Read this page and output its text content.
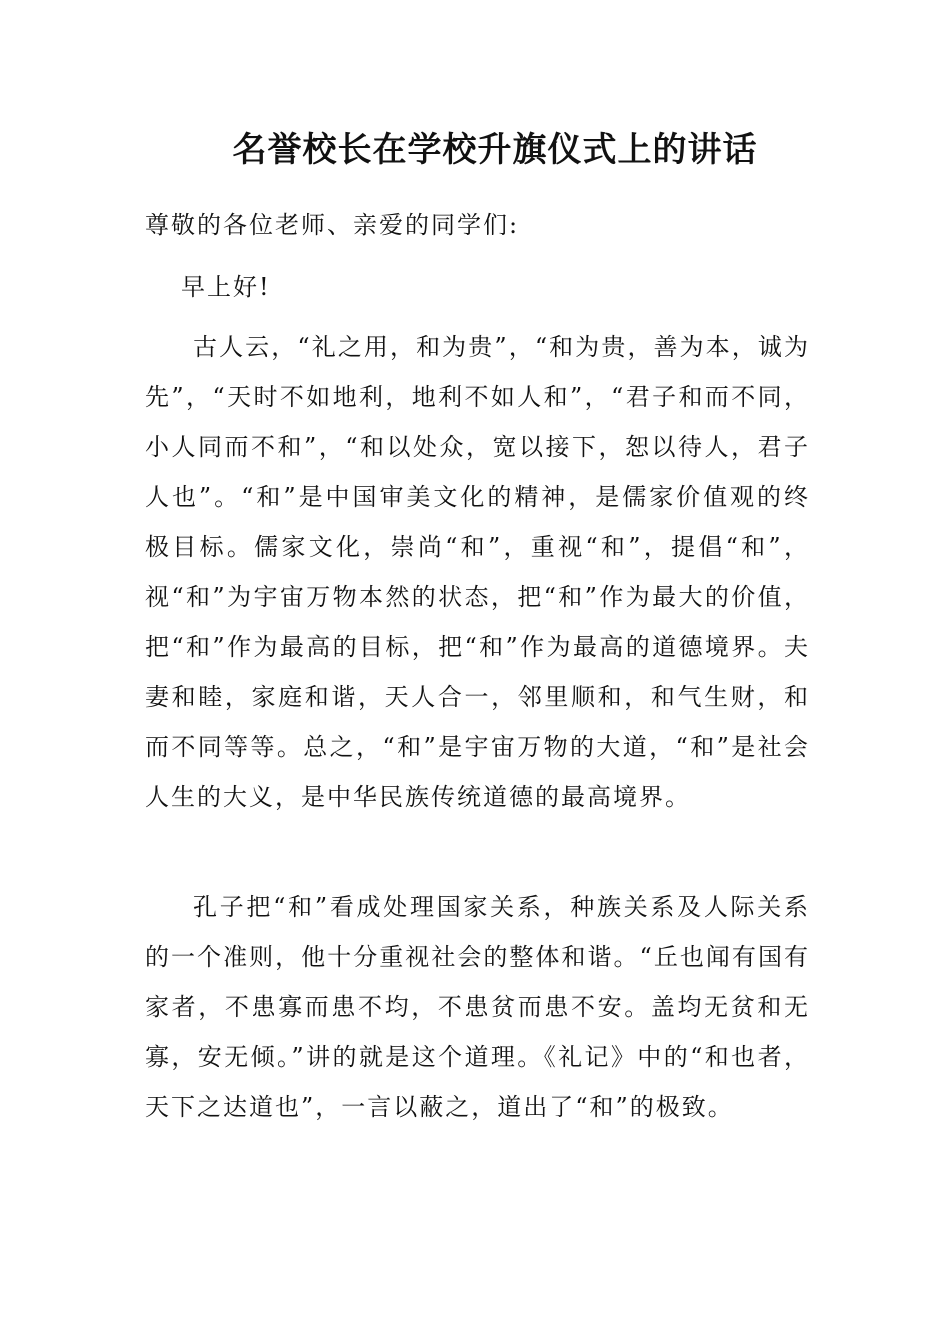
名誉校长在学校升旗仪式上的讲话
尊敬的各位老师、亲爱的同学们:
早上好!
古人云，“礼之用，和为贵”，“和为贵，善为本，诚为先”，“天时不如地利，地利不如人和”，“君子和而不同，小人同而不和”，“和以处众，宽以接下，恕以待人，君子人也”。“和”是中国审美文化的精神，是儒家价值观的终极目标。儒家文化，崇尚“和”，重视“和”，提倡“和”，视“和”为宇宙万物本然的状态，把“和”作为最大的价值，把“和”作为最高的目标，把“和”作为最高的道德境界。夫妻和睦，家庭和谐，天人合一，邻里顺和，和气生财，和而不同等等。总之，“和”是宇宙万物的大道，“和”是社会人生的大义，是中华民族传统道德的最高境界。
孔子把“和”看成处理国家关系，种族关系及人际关系的一个准则，他十分重视社会的整体和谐。“丘也闻有国有家者，不患寡而患不均，不患贫而患不安。盖均无贫和无寡，安无倾。”讲的就是这个道理。《礼记》中的“和也者，天下之达道也”，一言以蔽之，道出了“和”的极致。
